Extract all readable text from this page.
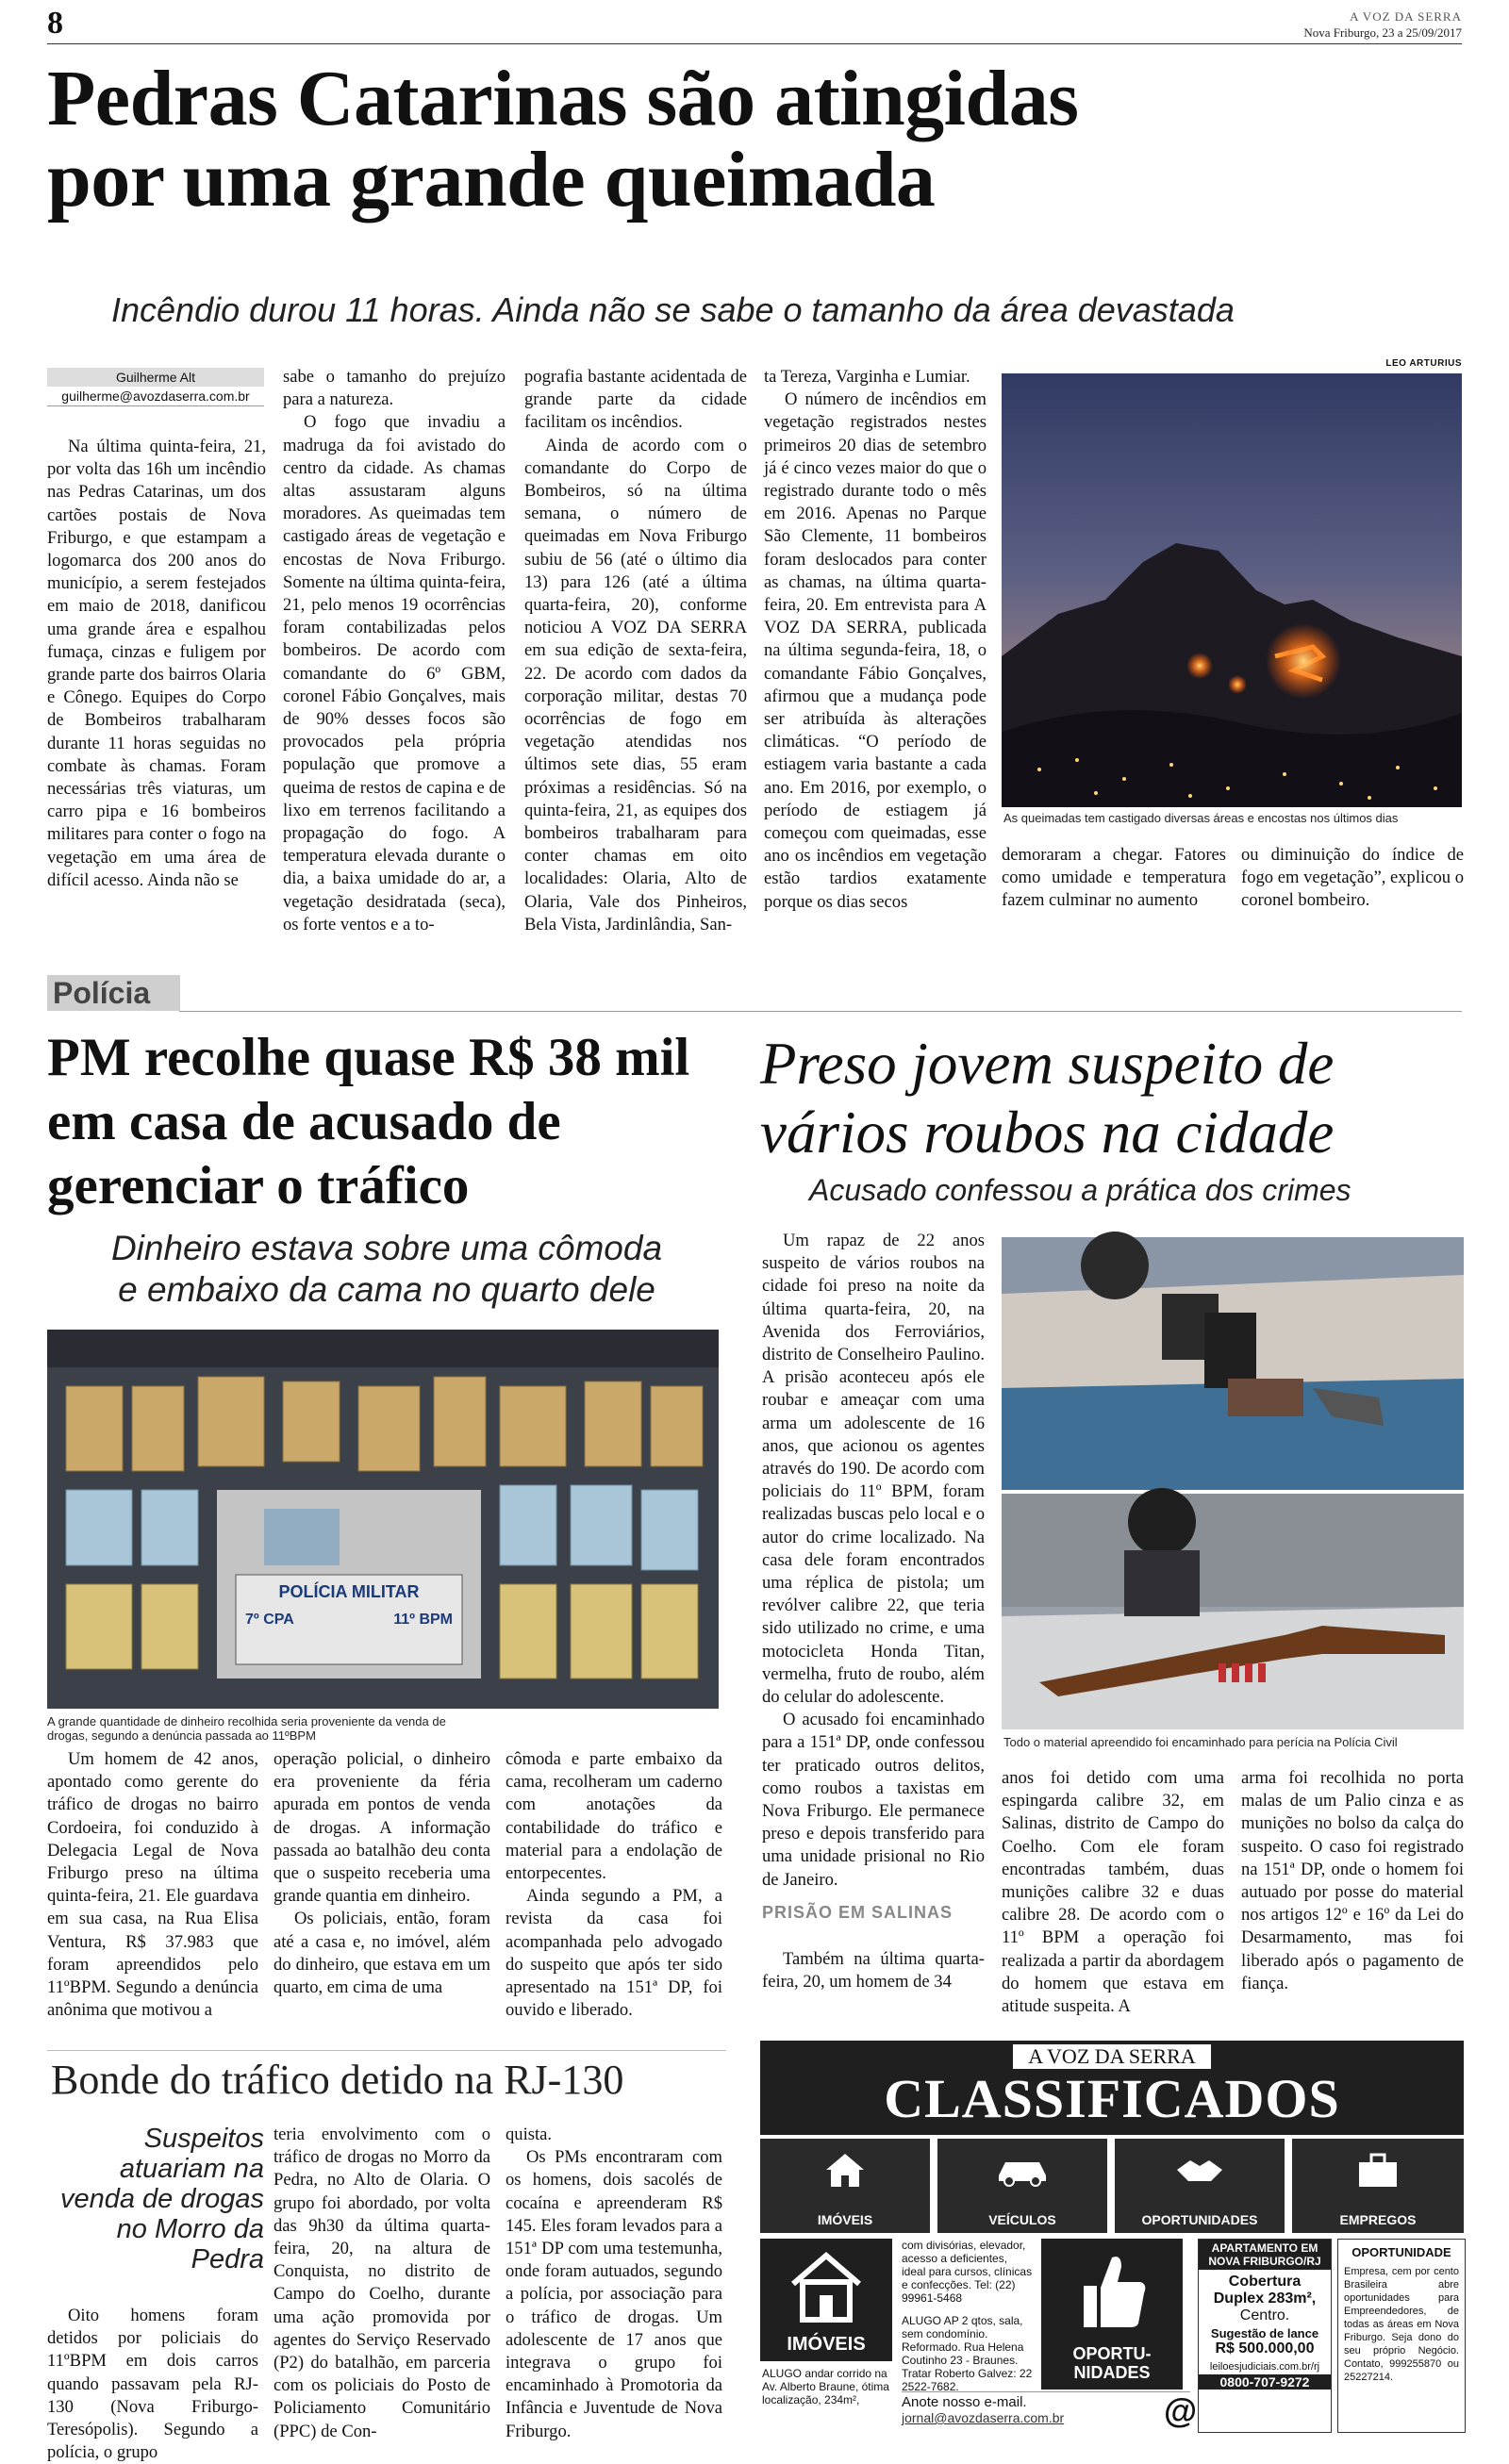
8	A VOZ DA SERRA
Nova Friburgo, 23 a 25/09/2017
Pedras Catarinas são atingidas
por uma grande queimada
Incêndio durou 11 horas. Ainda não se sabe o tamanho da área devastada
Guilherme Alt
guilherme@avozdaserra.com.br

Na última quinta-feira, 21, por volta das 16h um incêndio nas Pedras Catarinas, um dos cartões postais de Nova Friburgo, e que estampam a logomarca dos 200 anos do município, a serem festejados em maio de 2018, danificou uma grande área e espalhou fumaça, cinzas e fuligem por grande parte dos bairros Olaria e Cônego. Equipes do Corpo de Bombeiros trabalharam durante 11 horas seguidas no combate às chamas. Foram necessárias três viaturas, um carro pipa e 16 bombeiros militares para conter o fogo na vegetação em uma área de difícil acesso. Ainda não se

sabe o tamanho do prejuízo para a natureza.

O fogo que invadiu a madruga da foi avistado do centro da cidade. As chamas altas assustaram alguns moradores. As queimadas tem castigado áreas de vegetação e encostas de Nova Friburgo. Somente na última quinta-feira, 21, pelo menos 19 ocorrências foram contabilizadas pelos bombeiros. De acordo com comandante do 6º GBM, coronel Fábio Gonçalves, mais de 90% desses focos são provocados pela própria população que promove a queima de restos de capina e de lixo em terrenos facilitando a propagação do fogo. A temperatura elevada durante o dia, a baixa umidade do ar, a vegetação desidratada (seca), os forte ventos e a to-

pografia bastante acidentada de grande parte da cidade facilitam os incêndios.

Ainda de acordo com o comandante do Corpo de Bombeiros, só na última semana, o número de queimadas em Nova Friburgo subiu de 56 (até o último dia 13) para 126 (até a última quarta-feira, 20), conforme noticiou A VOZ DA SERRA em sua edição de sexta-feira, 22. De acordo com dados da corporação militar, destas 70 ocorrências de fogo em vegetação atendidas nos últimos sete dias, 55 eram próximas a residências. Só na quinta-feira, 21, as equipes dos bombeiros trabalharam para conter chamas em oito localidades: Olaria, Alto de Olaria, Vale dos Pinheiros, Bela Vista, Jardinlândia, San-

ta Tereza, Varginha e Lumiar.

O número de incêndios em vegetação registrados nestes primeiros 20 dias de setembro já é cinco vezes maior do que o registrado durante todo o mês em 2016. Apenas no Parque São Clemente, 11 bombeiros foram deslocados para conter as chamas, na última quarta-feira, 20. Em entrevista para A VOZ DA SERRA, publicada na última segunda-feira, 18, o comandante Fábio Gonçalves, afirmou que a mudança pode ser atribuída às alterações climáticas. “O período de estiagem varia bastante a cada ano. Em 2016, por exemplo, o período de estiagem já começou com queimadas, esse ano os incêndios em vegetação estão tardios exatamente porque os dias secos

LEO ARTURIUS
As queimadas tem castigado diversas áreas e encostas nos últimos dias

demoraram a chegar. Fatores como umidade e temperatura fazem culminar no aumento

ou diminuição do índice de fogo em vegetação”, explicou o coronel bombeiro.

Polícia
PM recolhe quase R$ 38 mil em casa de acusado de gerenciar o tráfico
Dinheiro estava sobre uma cômoda
e embaixo da cama no quarto dele
POLÍCIA MILITAR
7º CPA	11º BPM
A grande quantidade de dinheiro recolhida seria proveniente da venda de drogas, segundo a denúncia passada ao 11ºBPM

Um homem de 42 anos, apontado como gerente do tráfico de drogas no bairro Cordoeira, foi conduzido à Delegacia Legal de Nova Friburgo preso na última quinta-feira, 21. Ele guardava em sua casa, na Rua Elisa Ventura, R$ 37.983 que foram apreendidos pelo 11ºBPM. Segundo a denúncia anônima que motivou a

operação policial, o dinheiro era proveniente da féria apurada em pontos de venda de drogas. A informação passada ao batalhão deu conta que o suspeito receberia uma grande quantia em dinheiro.

Os policiais, então, foram até a casa e, no imóvel, além do dinheiro, que estava em um quarto, em cima de uma

cômoda e parte embaixo da cama, recolheram um caderno com anotações da contabilidade do tráfico e material para a endolação de entorpecentes.

Ainda segundo a PM, a revista da casa foi acompanhada pelo advogado do suspeito que após ter sido apresentado na 151ª DP, foi ouvido e liberado.

Preso jovem suspeito de
vários roubos na cidade
Acusado confessou a prática dos crimes

Um rapaz de 22 anos suspeito de vários roubos na cidade foi preso na noite da última quarta-feira, 20, na Avenida dos Ferroviários, distrito de Conselheiro Paulino. A prisão aconteceu após ele roubar e ameaçar com uma arma um adolescente de 16 anos, que acionou os agentes através do 190. De acordo com policiais do 11º BPM, foram realizadas buscas pelo local e o autor do crime localizado. Na casa dele foram encontrados uma réplica de pistola; um revólver calibre 22, que teria sido utilizado no crime, e uma motocicleta Honda Titan, vermelha, fruto de roubo, além do celular do adolescente.

O acusado foi encaminhado para a 151ª DP, onde confessou ter praticado outros delitos, como roubos a taxistas em Nova Friburgo. Ele permanece preso e depois transferido para uma unidade prisional no Rio de Janeiro.

PRISÃO EM SALINAS

Também na última quarta-feira, 20, um homem de 34

Todo o material apreendido foi encaminhado para perícia na Polícia Civil

anos foi detido com uma espingarda calibre 32, em Salinas, distrito de Campo do Coelho. Com ele foram encontradas também, duas munições calibre 32 e duas calibre 28. De acordo com o 11º BPM a operação foi realizada a partir da abordagem do homem que estava em atitude suspeita. A

arma foi recolhida no porta malas de um Palio cinza e as munições no bolso da calça do suspeito. O caso foi registrado na 151ª DP, onde o homem foi autuado por posse do material nos artigos 12º e 16º da Lei do Desarmamento, mas foi liberado após o pagamento de fiança.

Bonde do tráfico detido na RJ-130
Suspeitos atuariam na venda de drogas no Morro da Pedra

Oito homens foram detidos por policiais do 11ºBPM em dois carros quando passavam pela RJ-130 (Nova Friburgo-Teresópolis). Segundo a polícia, o grupo

teria envolvimento com o tráfico de drogas no Morro da Pedra, no Alto de Olaria. O grupo foi abordado, por volta das 9h30 da última quarta-feira, 20, na altura de Conquista, no distrito de Campo do Coelho, durante uma ação promovida por agentes do Serviço Reservado (P2) do batalhão, em parceria com os policiais do Posto de Policiamento Comunitário (PPC) de Con-

quista.

Os PMs encontraram com os homens, dois sacolés de cocaína e apreenderam R$ 145. Eles foram levados para a 151ª DP com uma testemunha, onde foram autuados, segundo a polícia, por associação para o tráfico de drogas. Um adolescente de 17 anos que integrava o grupo foi encaminhado à Promotoria da Infância e Juventude de Nova Friburgo.

A VOZ DA SERRA
CLASSIFICADOS
IMÓVEIS	VEÍCULOS	OPORTUNIDADES	EMPREGOS
IMÓVEIS
ALUGO andar corrido na Av. Alberto Braune, ótima localização, 234m²,
com divisórias, elevador, acesso a deficientes, ideal para cursos, clínicas e confecções. Tel: (22) 99961-5468
ALUGO AP 2 qtos, sala, sem condomínio. Reformado. Rua Helena Coutinho 23 - Braunes. Tratar Roberto Galvez: 22 2522-7682.
OPORTU-NIDADES
Anote nosso e-mail.
jornal@avozdaserra.com.br	@
APARTAMENTO EM NOVA FRIBURGO/RJ
Cobertura
Duplex 283m²,
Centro.
Sugestão de lance
R$ 500.000,00
leiloesjudiciais.com.br/rj
0800-707-9272
OPORTUNIDADE
Empresa, cem por cento Brasileira abre oportunidades para Empreendedores, de todas as áreas em Nova Friburgo. Seja dono do seu próprio Negócio. Contato, 999255870 ou 25227214.
